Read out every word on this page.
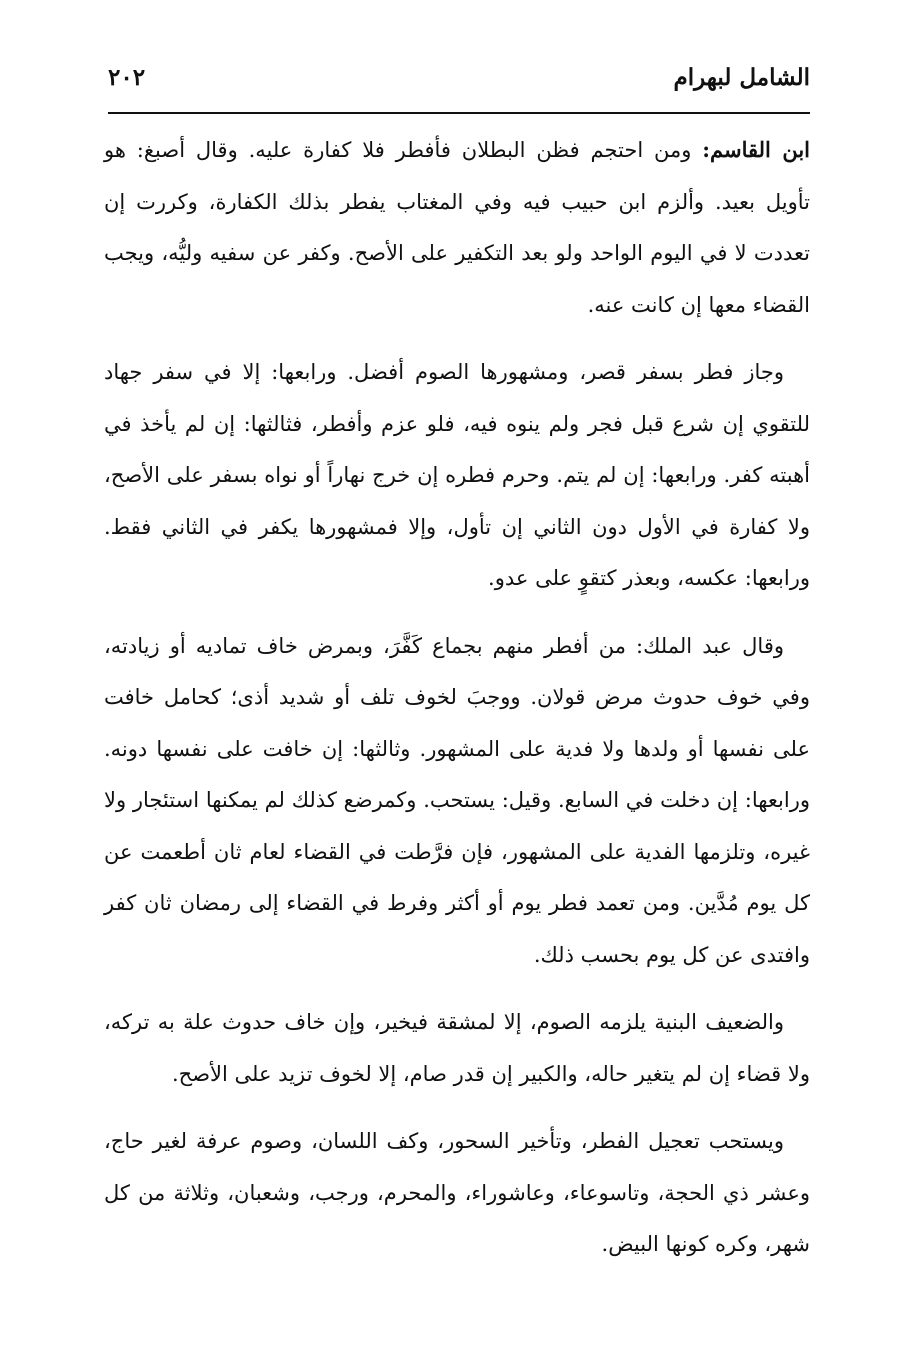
الشامل لبهرام
٢٠٢

ابن القاسم: ومن احتجم فظن البطلان فأفطر فلا كفارة عليه. وقال أصبغ: هو تأويل بعيد. وألزم ابن حبيب فيه وفي المغتاب يفطر بذلك الكفارة، وكررت إن تعددت لا في اليوم الواحد ولو بعد التكفير على الأصح. وكفر عن سفيه وليُّه، ويجب القضاء معها إن كانت عنه.

وجاز فطر بسفر قصر، ومشهورها الصوم أفضل. ورابعها: إلا في سفر جهاد للتقوي إن شرع قبل فجر ولم ينوه فيه، فلو عزم وأفطر، فثالثها: إن لم يأخذ في أهبته كفر. ورابعها: إن لم يتم. وحرم فطره إن خرج نهاراً أو نواه بسفر على الأصح، ولا كفارة في الأول دون الثاني إن تأول، وإلا فمشهورها يكفر في الثاني فقط. ورابعها: عكسه، وبعذر كتقوٍ على عدو.

وقال عبد الملك: من أفطر منهم بجماع كَفَّرَ، وبمرض خاف تماديه أو زيادته، وفي خوف حدوث مرض قولان. ووجبَ لخوف تلف أو شديد أذى؛ كحامل خافت على نفسها أو ولدها ولا فدية على المشهور. وثالثها: إن خافت على نفسها دونه. ورابعها: إن دخلت في السابع. وقيل: يستحب. وكمرضع كذلك لم يمكنها استئجار ولا غيره، وتلزمها الفدية على المشهور، فإن فرَّطت في القضاء لعام ثان أطعمت عن كل يوم مُدَّين. ومن تعمد فطر يوم أو أكثر وفرط في القضاء إلى رمضان ثان كفر وافتدى عن كل يوم بحسب ذلك.

والضعيف البنية يلزمه الصوم، إلا لمشقة فيخير، وإن خاف حدوث علة به تركه، ولا قضاء إن لم يتغير حاله، والكبير إن قدر صام، إلا لخوف تزيد على الأصح.

ويستحب تعجيل الفطر، وتأخير السحور، وكف اللسان، وصوم عرفة لغير حاج، وعشر ذي الحجة، وتاسوعاء، وعاشوراء، والمحرم، ورجب، وشعبان، وثلاثة من كل شهر، وكره كونها البيض.
